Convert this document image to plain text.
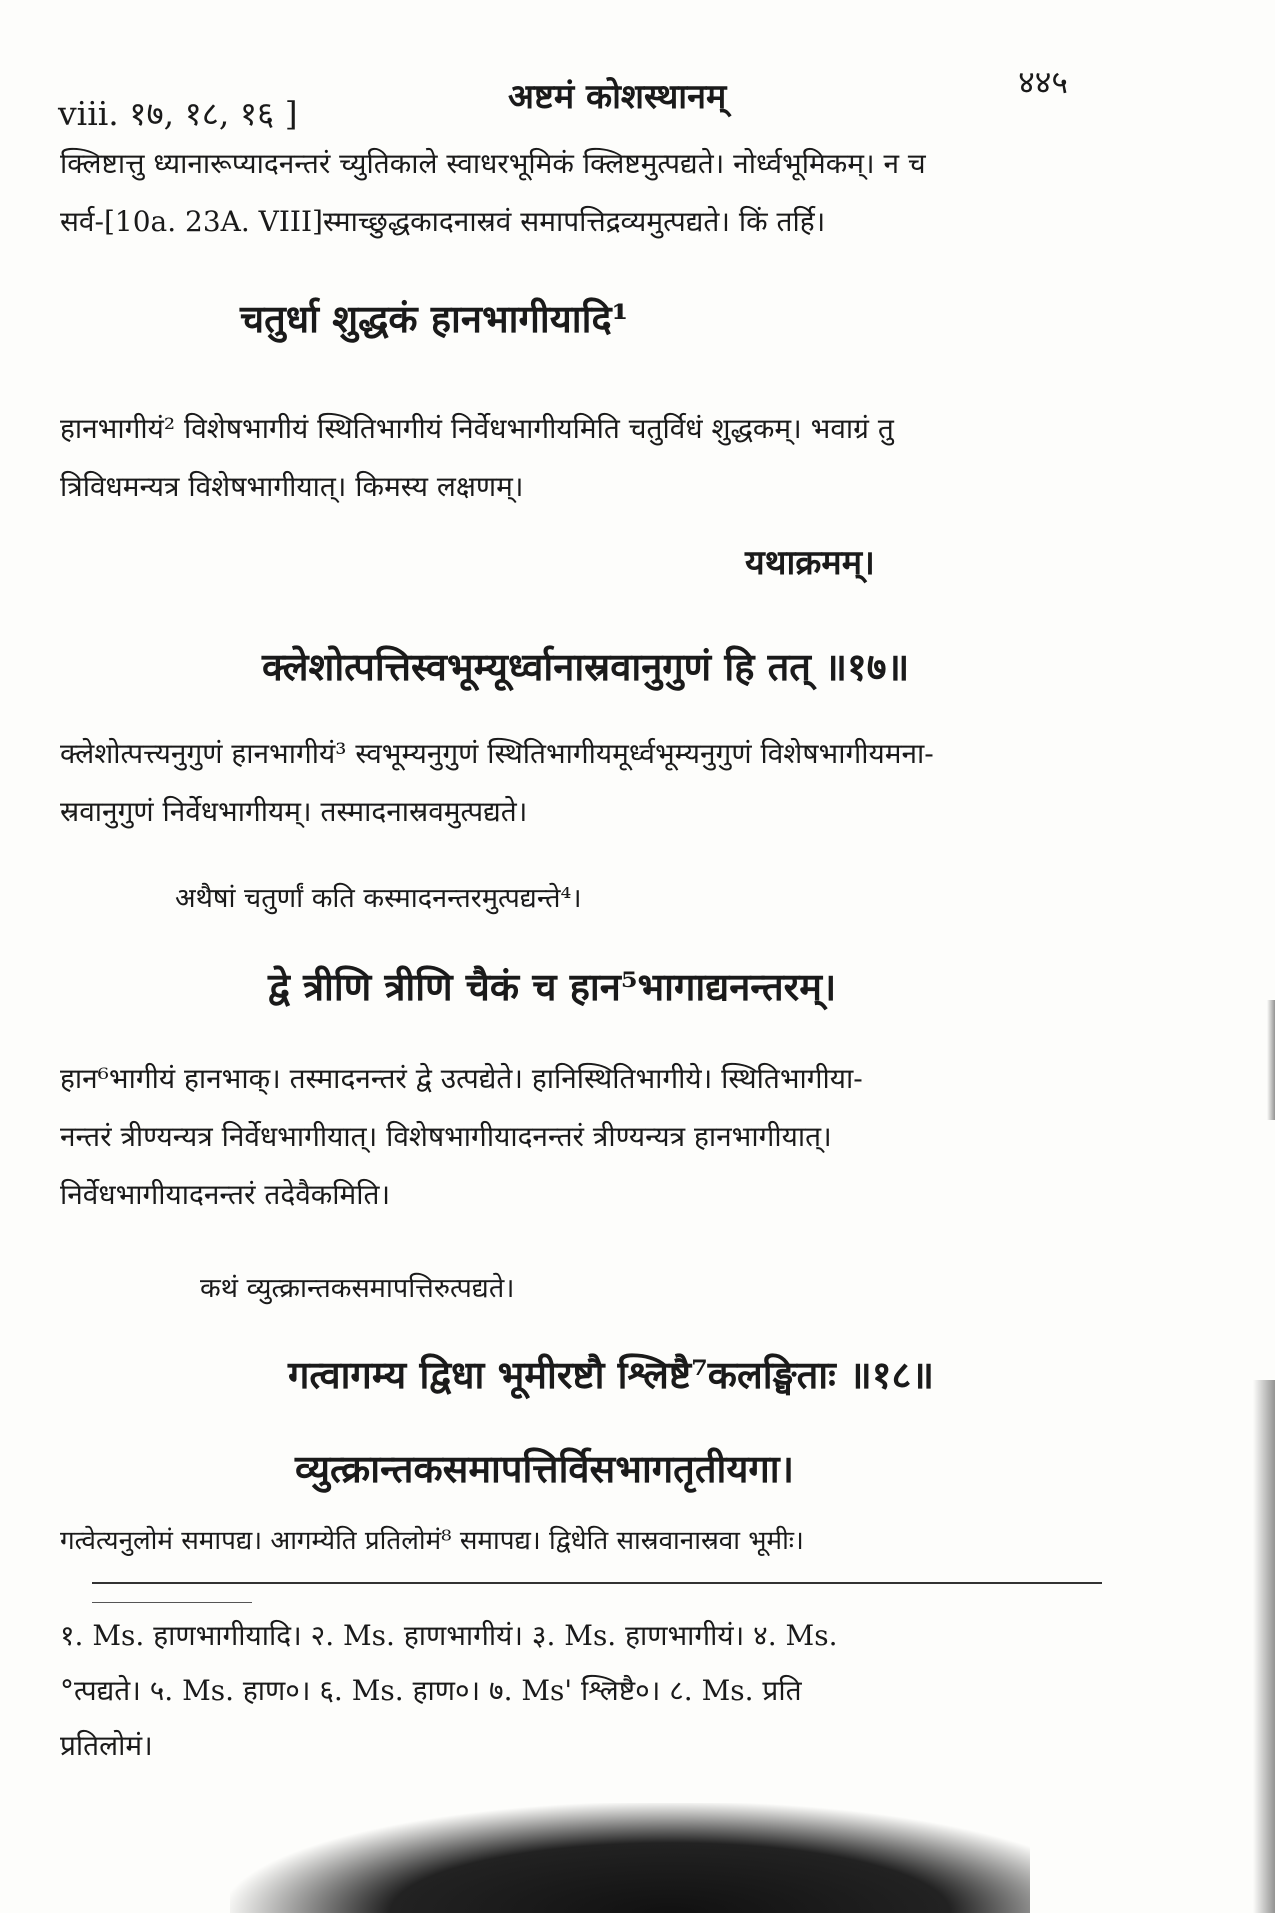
viii. १७, १८, १६ ]	अष्टमं कोशस्थानम्	४४५

क्लिष्टात्तु ध्यानारूप्यादनन्तरं च्युतिकाले स्वाधरभूमिकं क्लिष्टमुत्पद्यते। नोर्ध्वभूमिकम्। न च

सर्व-[10a. 23A. VIII]स्माच्छुद्धकादनास्रवं समापत्तिद्रव्यमुत्पद्यते। किं तर्हि।

चतुर्धा शुद्धकं हानभागीयादि¹

हानभागीयं² विशेषभागीयं स्थितिभागीयं निर्वेधभागीयमिति चतुर्विधं शुद्धकम्। भवाग्रं तु

त्रिविधमन्यत्र विशेषभागीयात्। किमस्य लक्षणम्।

यथाक्रमम्।
क्लेशोत्पत्तिस्वभूम्यूर्ध्वानास्रवानुगुणं हि तत् ॥१७॥

क्लेशोत्पत्त्यनुगुणं हानभागीयं³ स्वभूम्यनुगुणं स्थितिभागीयमूर्ध्वभूम्यनुगुणं विशेषभागीयमना-

स्रवानुगुणं निर्वेधभागीयम्। तस्मादनास्रवमुत्पद्यते।

अथैषां चतुर्णां कति कस्मादनन्तरमुत्पद्यन्ते⁴।
द्वे त्रीणि त्रीणि चैकं च हान⁵भागाद्यनन्तरम्।

हान⁶भागीयं हानभाक्। तस्मादनन्तरं द्वे उत्पद्येते। हानिस्थितिभागीये। स्थितिभागीया-

नन्तरं त्रीण्यन्यत्र निर्वेधभागीयात्। विशेषभागीयादनन्तरं त्रीण्यन्यत्र हानभागीयात्।

निर्वेधभागीयादनन्तरं तदेवैकमिति।

कथं व्युत्क्रान्तकसमापत्तिरुत्पद्यते।
गत्वागम्य द्विधा भूमीरष्टौ श्लिष्टै⁷कलङ्घिताः ॥१८॥
व्युत्क्रान्तकसमापत्तिर्विसभागतृतीयगा।

गत्वेत्यनुलोमं समापद्य। आगम्येति प्रतिलोमं⁸ समापद्य। द्विधेति सास्रवानास्रवा भूमीः।

१. Ms. हाणभागीयादि। २. Ms. हाणभागीयं। ३. Ms. हाणभागीयं। ४. Ms.

°त्पद्यते। ५. Ms. हाण०। ६. Ms. हाण०। ७. Ms' श्लिष्टै०। ८. Ms. प्रति

प्रतिलोमं।
